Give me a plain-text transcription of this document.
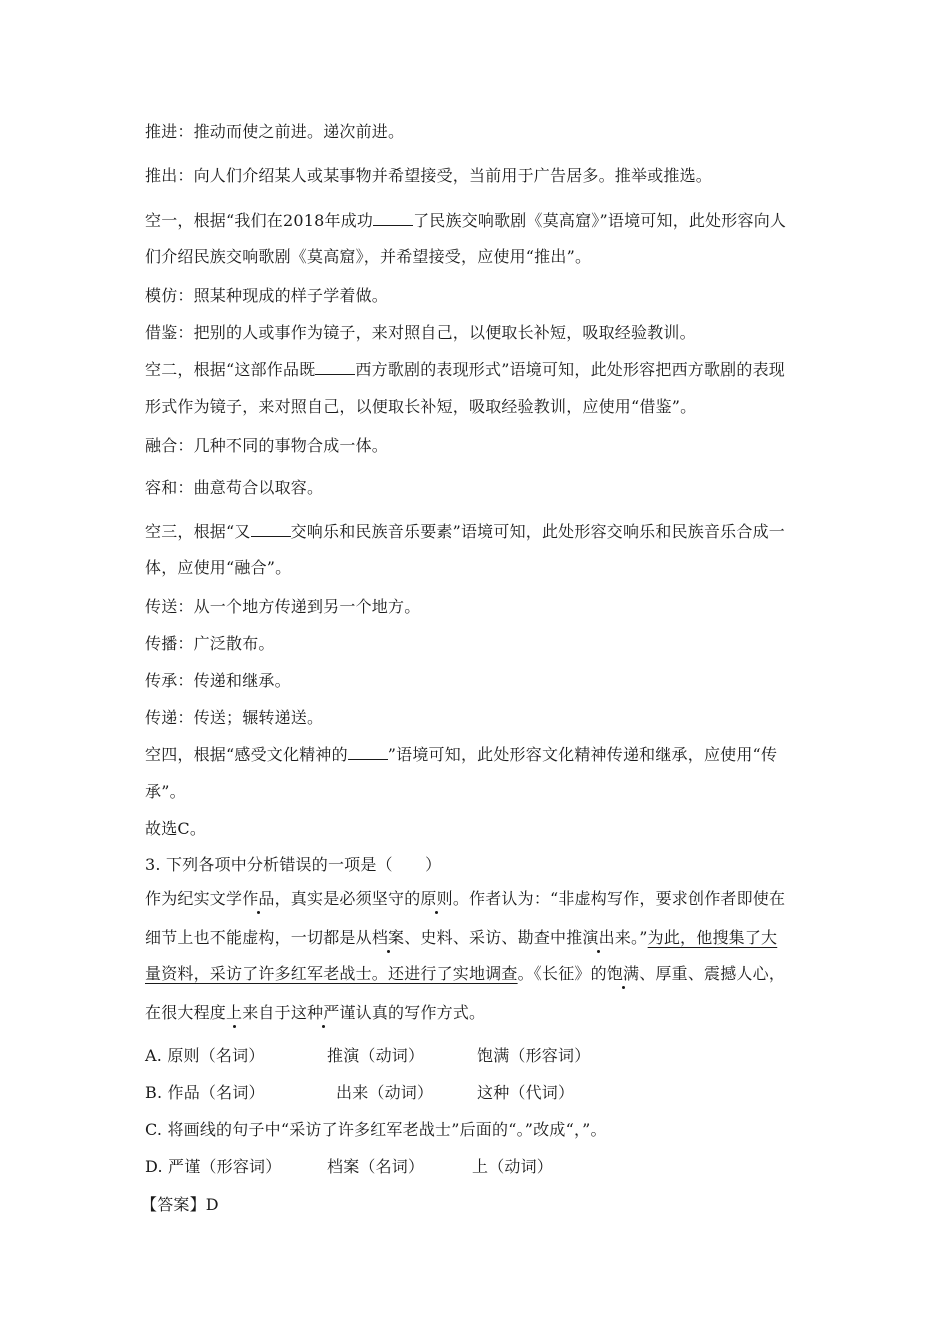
推进：推动而使之前进。递次前进。
推出：向人们介绍某人或某事物并希望接受，当前用于广告居多。推举或推选。
空一，根据“我们在2018年成功	了民族交响歌剧《莫高窟》”语境可知，此处形容向人
们介绍民族交响歌剧《莫高窟》，并希望接受，应使用“推出”。
模仿：照某种现成的样子学着做。
借鉴：把别的人或事作为镜子，来对照自己，以便取长补短，吸取经验教训。
空二，根据“这部作品既	西方歌剧的表现形式”语境可知，此处形容把西方歌剧的表现
形式作为镜子，来对照自己，以便取长补短，吸取经验教训，应使用“借鉴”。
融合：几种不同的事物合成一体。
容和：曲意苟合以取容。
空三，根据“又	交响乐和民族音乐要素”语境可知，此处形容交响乐和民族音乐合成一
体，应使用“融合”。
传送：从一个地方传递到另一个地方。
传播：广泛散布。
传承：传递和继承。
传递：传送；辗转递送。
空四，根据“感受文化精神的	”语境可知，此处形容文化精神传递和继承，应使用“传
承”。
故选C。
3. 下列各项中分析错误的一项是（　　）
作为纪实文学作品，真实是必须坚守的原则。作者认为：“非虚构写作，要求创作者即使在
细节上也不能虚构，一切都是从档案、史料、采访、勘查中推演出来。”为此，他搜集了大
量资料，采访了许多红军老战士。还进行了实地调查。《长征》的饱满、厚重、震撼人心，
在很大程度上来自于这种严谨认真的写作方式。
A. 原则（名词）	推演（动词）	饱满（形容词）
B. 作品（名词）	出来（动词）	这种（代词）
C. 将画线的句子中“采访了许多红军老战士”后面的“。”改成“，”。
D. 严谨（形容词）	档案（名词）	上（动词）
【答案】D
